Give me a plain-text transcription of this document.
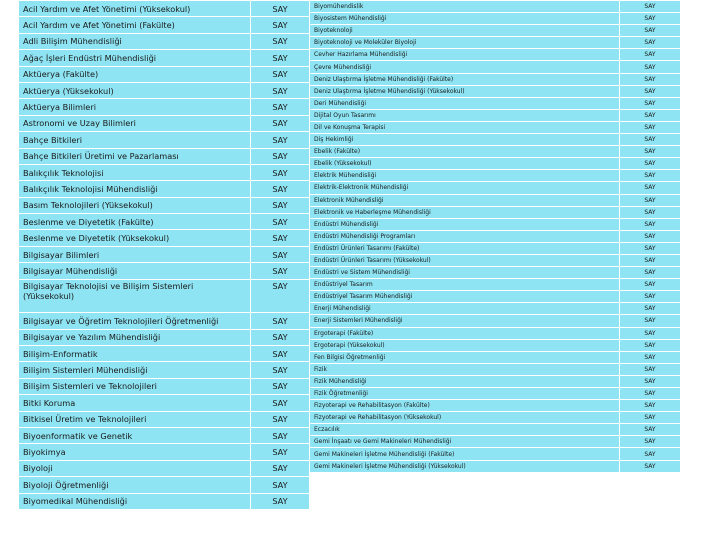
Acil Yardım ve Afet Yönetimi (Yüksekokul)	SAY
Acil Yardım ve Afet Yönetimi (Fakülte)	SAY
Adli Bilişim Mühendisliği	SAY
Ağaç İşleri Endüstri Mühendisliği	SAY
Aktüerya (Fakülte)	SAY
Aktüerya (Yüksekokul)	SAY
Aktüerya Bilimleri	SAY
Astronomi ve Uzay Bilimleri	SAY
Bahçe Bitkileri	SAY
Bahçe Bitkileri Üretimi ve Pazarlaması	SAY
Balıkçılık Teknolojisi	SAY
Balıkçılık Teknolojisi Mühendisliği	SAY
Basım Teknolojileri (Yüksekokul)	SAY
Beslenme ve Diyetetik (Fakülte)	SAY
Beslenme ve Diyetetik (Yüksekokul)	SAY
Bilgisayar Bilimleri	SAY
Bilgisayar Mühendisliği	SAY
Bilgisayar Teknolojisi ve Bilişim Sistemleri (Yüksekokul)	SAY
Bilgisayar ve Öğretim Teknolojileri Öğretmenliği	SAY
Bilgisayar ve Yazılım Mühendisliği	SAY
Bilişim-Enformatik	SAY
Bilişim Sistemleri Mühendisliği	SAY
Bilişim Sistemleri ve Teknolojileri	SAY
Bitki Koruma	SAY
Bitkisel Üretim ve Teknolojileri	SAY
Biyoenformatik ve Genetik	SAY
Biyokimya	SAY
Biyoloji	SAY
Biyoloji Öğretmenliği	SAY
Biyomedikal Mühendisliği	SAY
Biyomühendislik	SAY
Biyosistem Mühendisliği	SAY
Biyoteknoloji	SAY
Biyoteknoloji ve Moleküler Biyoloji	SAY
Cevher Hazırlama Mühendisliği	SAY
Çevre Mühendisliği	SAY
Deniz Ulaştırma İşletme Mühendisliği (Fakülte)	SAY
Deniz Ulaştırma İşletme Mühendisliği (Yüksekokul)	SAY
Deri Mühendisliği	SAY
Dijital Oyun Tasarımı	SAY
Dil ve Konuşma Terapisi	SAY
Diş Hekimliği	SAY
Ebelik (Fakülte)	SAY
Ebelik (Yüksekokul)	SAY
Elektrik Mühendisliği	SAY
Elektrik-Elektronik Mühendisliği	SAY
Elektronik Mühendisliği	SAY
Elektronik ve Haberleşme Mühendisliği	SAY
Endüstri Mühendisliği	SAY
Endüstri Mühendisliği Programları	SAY
Endüstri Ürünleri Tasarımı (Fakülte)	SAY
Endüstri Ürünleri Tasarımı (Yüksekokul)	SAY
Endüstri ve Sistem Mühendisliği	SAY
Endüstriyel Tasarım	SAY
Endüstriyel Tasarım Mühendisliği	SAY
Enerji Mühendisliği	SAY
Enerji Sistemleri Mühendisliği	SAY
Ergoterapi (Fakülte)	SAY
Ergoterapi (Yüksekokul)	SAY
Fen Bilgisi Öğretmenliği	SAY
Fizik	SAY
Fizik Mühendisliği	SAY
Fizik Öğretmenliği	SAY
Fizyoterapi ve Rehabilitasyon (Fakülte)	SAY
Fizyoterapi ve Rehabilitasyon (Yüksekokul)	SAY
Eczacılık	SAY
Gemi İnşaatı ve Gemi Makineleri Mühendisliği	SAY
Gemi Makineleri İşletme Mühendisliği (Fakülte)	SAY
Gemi Makineleri İşletme Mühendisliği (Yüksekokul)	SAY
